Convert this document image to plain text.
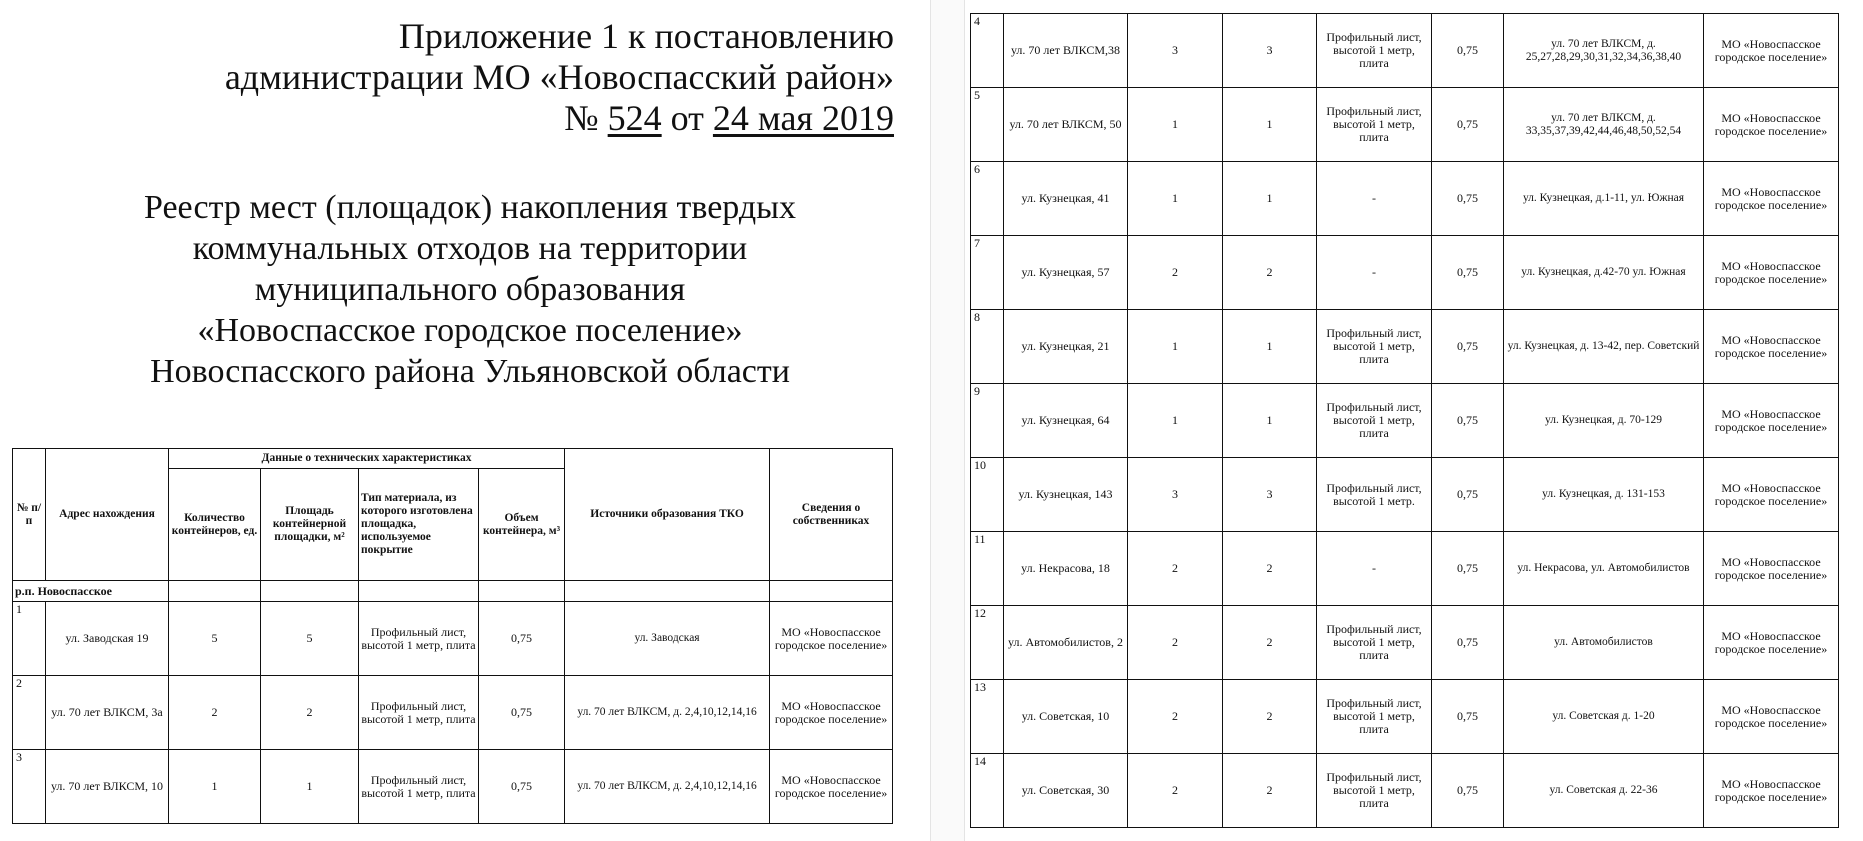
Приложение 1 к постановлению
администрации МО «Новоспасский район»
№ 524 от 24 мая 2019
Реестр мест (площадок) накопления твердых
коммунальных отходов на территории
муниципального образования
«Новоспасское городское поселение»
Новоспасского района Ульяновской области
№ п/п	Адрес нахождения	Данные о технических характеристиках				Источники образования ТКО	Сведения о собственниках
		Количество контейнеров, ед.	Площадь контейнерной площадки, м²	Тип материала, из которого изготовлена площадка, используемое покрытие	Объем контейнера, м³		
р.п. Новоспасское							
1	ул. Заводская 19	5	5	Профильный лист, высотой 1 метр, плита	0,75	ул. Заводская	МО «Новоспасское городское поселение»
2	ул. 70 лет ВЛКСМ, 3а	2	2	Профильный лист, высотой 1 метр, плита	0,75	ул. 70 лет ВЛКСМ, д. 2,4,10,12,14,16	МО «Новоспасское городское поселение»
3	ул. 70 лет ВЛКСМ, 10	1	1	Профильный лист, высотой 1 метр, плита	0,75	ул. 70 лет ВЛКСМ, д. 2,4,10,12,14,16	МО «Новоспасское городское поселение»
4	ул. 70 лет ВЛКСМ,38	3	3	Профильный лист, высотой 1 метр, плита	0,75	ул. 70 лет ВЛКСМ, д. 25,27,28,29,30,31,32,34,36,38,40	МО «Новоспасское городское поселение»
5	ул. 70 лет ВЛКСМ, 50	1	1	Профильный лист, высотой 1 метр, плита	0,75	ул. 70 лет ВЛКСМ, д. 33,35,37,39,42,44,46,48,50,52,54	МО «Новоспасское городское поселение»
6	ул. Кузнецкая, 41	1	1	-	0,75	ул. Кузнецкая, д.1-11, ул. Южная	МО «Новоспасское городское поселение»
7	ул. Кузнецкая, 57	2	2	-	0,75	ул. Кузнецкая, д.42-70 ул. Южная	МО «Новоспасское городское поселение»
8	ул. Кузнецкая, 21	1	1	Профильный лист, высотой 1 метр, плита	0,75	ул. Кузнецкая, д. 13-42, пер. Советский	МО «Новоспасское городское поселение»
9	ул. Кузнецкая, 64	1	1	Профильный лист, высотой 1 метр, плита	0,75	ул. Кузнецкая, д. 70-129	МО «Новоспасское городское поселение»
10	ул. Кузнецкая, 143	3	3	Профильный лист, высотой 1 метр.	0,75	ул. Кузнецкая, д. 131-153	МО «Новоспасское городское поселение»
11	ул. Некрасова, 18	2	2	-	0,75	ул. Некрасова, ул. Автомобилистов	МО «Новоспасское городское поселение»
12	ул. Автомобилистов, 2	2	2	Профильный лист, высотой 1 метр, плита	0,75	ул. Автомобилистов	МО «Новоспасское городское поселение»
13	ул. Советская, 10	2	2	Профильный лист, высотой 1 метр, плита	0,75	ул. Советская д. 1-20	МО «Новоспасское городское поселение»
14	ул. Советская, 30	2	2	Профильный лист, высотой 1 метр, плита	0,75	ул. Советская д. 22-36	МО «Новоспасское городское поселение»
